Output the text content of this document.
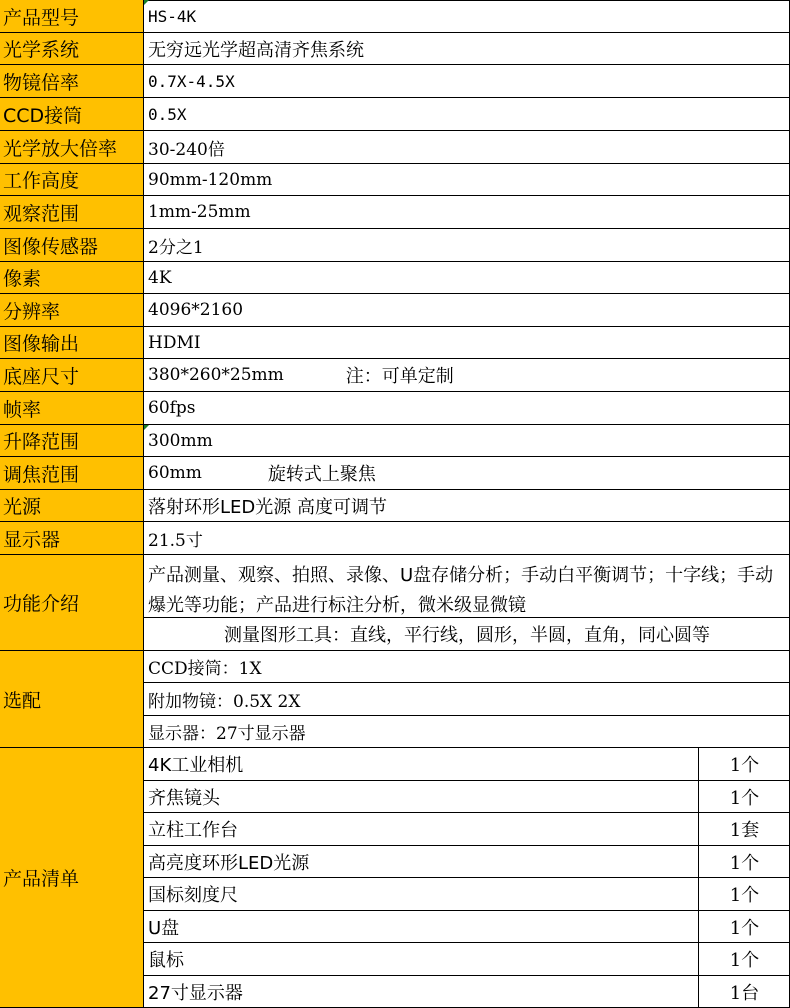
产品型号	HS-4K
光学系统	无穷远光学超高清齐焦系统
物镜倍率	0.7X-4.5X
CCD接筒	0.5X
光学放大倍率	30-240倍
工作高度	90mm-120mm
观察范围	1mm-25mm
图像传感器	2分之1
像素	4K
分辨率	4096*2160
图像输出	HDMI
底座尺寸	380*260*25mm	注：可单定制
帧率	60fps
升降范围	300mm
调焦范围	60mm	旋转式上聚焦
光源	落射环形LED光源 高度可调节
显示器	21.5寸
功能介绍
产品测量、观察、拍照、录像、U盘存储分析；手动白平衡调节；十字线；手动爆光等功能；产品进行标注分析，微米级显微镜
测量图形工具：直线，平行线，圆形，半圆，直角，同心圆等
选配
CCD接筒：1X
附加物镜：0.5X 2X
显示器：27寸显示器
产品清单
4K工业相机	1个
齐焦镜头	1个
立柱工作台	1套
高亮度环形LED光源	1个
国标刻度尺	1个
U盘	1个
鼠标	1个
27寸显示器	1台
